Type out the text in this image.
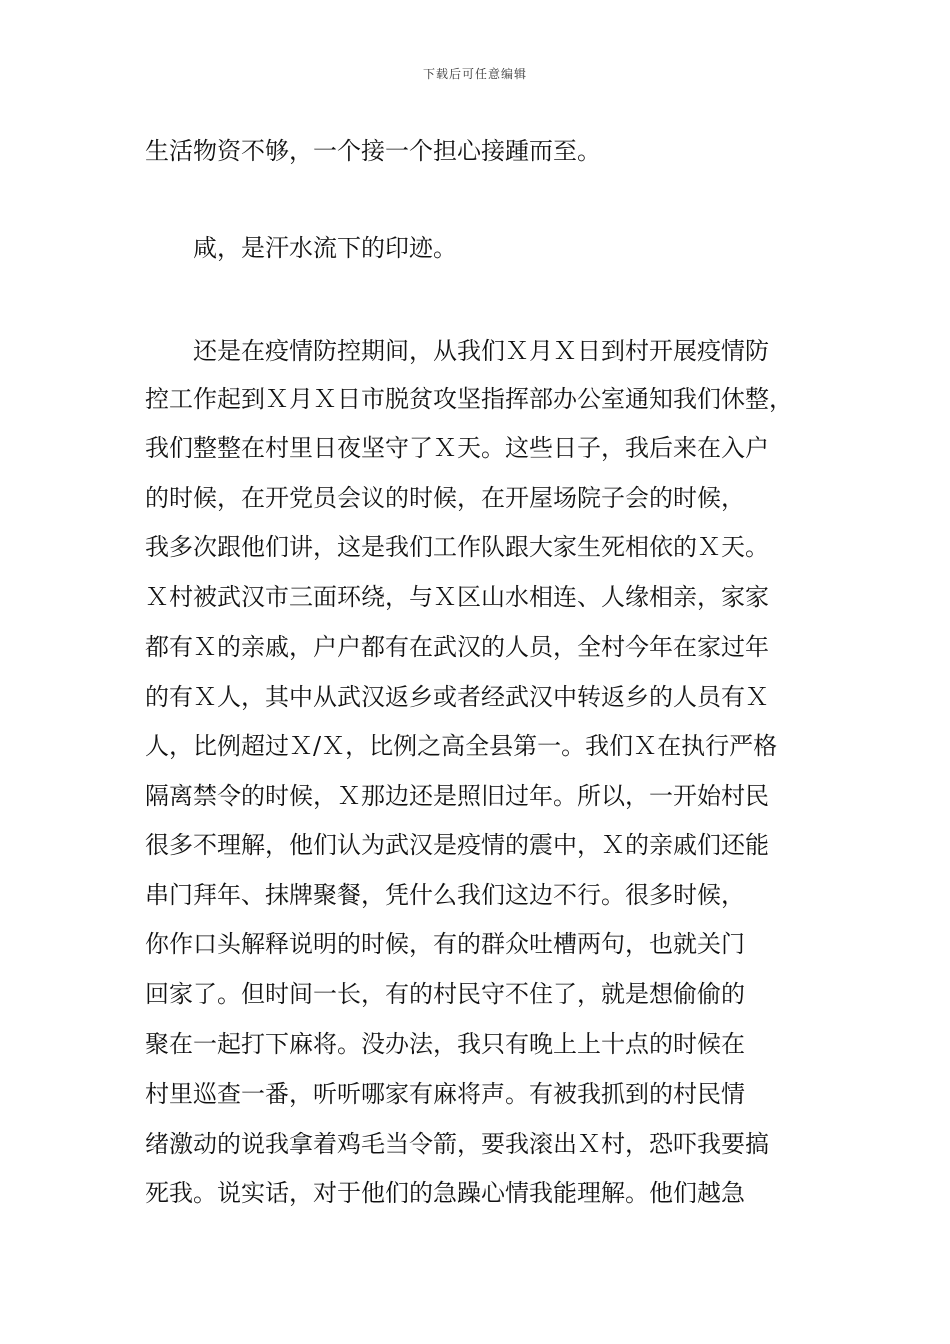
下载后可任意编辑
生活物资不够，一个接一个担心接踵而至。
咸，是汗水流下的印迹。
还是在疫情防控期间，从我们Ｘ月Ｘ日到村开展疫情防
控工作起到Ｘ月Ｘ日市脱贫攻坚指挥部办公室通知我们休整，
我们整整在村里日夜坚守了Ｘ天。这些日子，我后来在入户
的时候，在开党员会议的时候，在开屋场院子会的时候，
我多次跟他们讲，这是我们工作队跟大家生死相依的Ｘ天。
Ｘ村被武汉市三面环绕，与Ｘ区山水相连、人缘相亲，家家
都有Ｘ的亲戚，户户都有在武汉的人员，全村今年在家过年
的有Ｘ人，其中从武汉返乡或者经武汉中转返乡的人员有Ｘ
人，比例超过Ｘ/Ｘ，比例之高全县第一。我们Ｘ在执行严格
隔离禁令的时候，Ｘ那边还是照旧过年。所以，一开始村民
很多不理解，他们认为武汉是疫情的震中，Ｘ的亲戚们还能
串门拜年、抹牌聚餐，凭什么我们这边不行。很多时候，
你作口头解释说明的时候，有的群众吐槽两句，也就关门
回家了。但时间一长，有的村民守不住了，就是想偷偷的
聚在一起打下麻将。没办法，我只有晚上上十点的时候在
村里巡查一番，听听哪家有麻将声。有被我抓到的村民情
绪激动的说我拿着鸡毛当令箭，要我滚出Ｘ村，恐吓我要搞
死我。说实话，对于他们的急躁心情我能理解。他们越急
